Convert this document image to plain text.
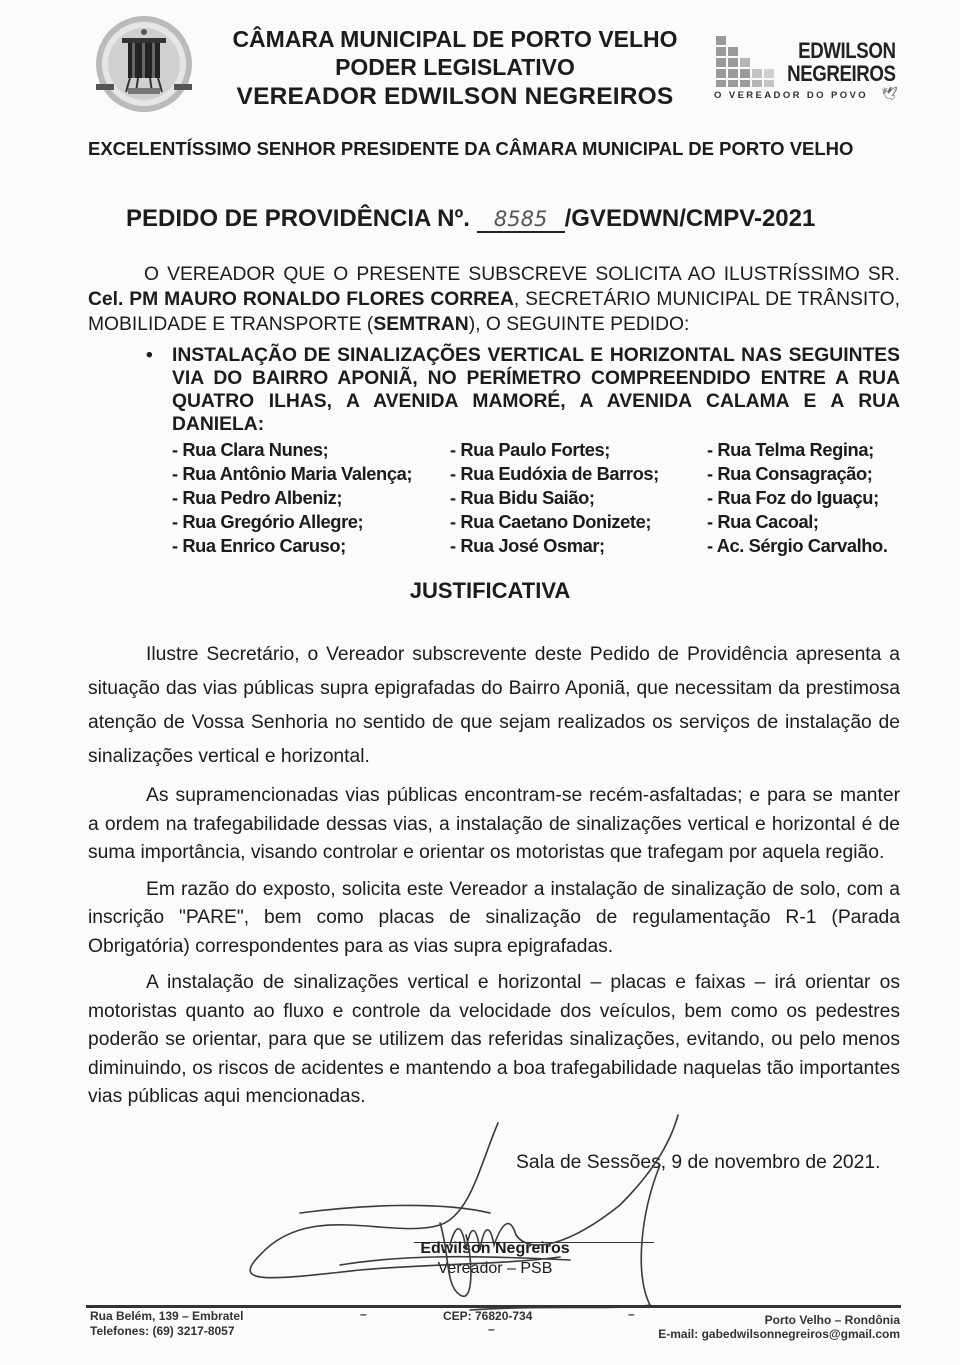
CÂMARA MUNICIPAL DE PORTO VELHO
PODER LEGISLATIVO
VEREADOR EDWILSON NEGREIROS
EDWILSON
NEGREIROS
O VEREADOR DO POVO 🕊
EXCELENTÍSSIMO SENHOR PRESIDENTE DA CÂMARA MUNICIPAL DE PORTO VELHO
PEDIDO DE PROVIDÊNCIA Nº. 8585 /GVEDWN/CMPV-2021

O VEREADOR QUE O PRESENTE SUBSCREVE SOLICITA AO ILUSTRÍSSIMO SR. Cel. PM MAURO RONALDO FLORES CORREA, SECRETÁRIO MUNICIPAL DE TRÂNSITO, MOBILIDADE E TRANSPORTE (SEMTRAN), O SEGUINTE PEDIDO:

• INSTALAÇÃO DE SINALIZAÇÕES VERTICAL E HORIZONTAL NAS SEGUINTES VIA DO BAIRRO APONIÃ, NO PERÍMETRO COMPREENDIDO ENTRE A RUA QUATRO ILHAS, A AVENIDA MAMORÉ, A AVENIDA CALAMA E A RUA DANIELA:
- Rua Clara Nunes;
- Rua Antônio Maria Valença;
- Rua Pedro Albeniz;
- Rua Gregório Allegre;
- Rua Enrico Caruso;
- Rua Paulo Fortes;
- Rua Eudóxia de Barros;
- Rua Bidu Saião;
- Rua Caetano Donizete;
- Rua José Osmar;
- Rua Telma Regina;
- Rua Consagração;
- Rua Foz do Iguaçu;
- Rua Cacoal;
- Ac. Sérgio Carvalho.
JUSTIFICATIVA

Ilustre Secretário, o Vereador subscrevente deste Pedido de Providência apresenta a situação das vias públicas supra epigrafadas do Bairro Aponiã, que necessitam da prestimosa atenção de Vossa Senhoria no sentido de que sejam realizados os serviços de instalação de sinalizações vertical e horizontal.

As supramencionadas vias públicas encontram-se recém-asfaltadas; e para se manter a ordem na trafegabilidade dessas vias, a instalação de sinalizações vertical e horizontal é de suma importância, visando controlar e orientar os motoristas que trafegam por aquela região.

Em razão do exposto, solicita este Vereador a instalação de sinalização de solo, com a inscrição "PARE", bem como placas de sinalização de regulamentação R-1 (Parada Obrigatória) correspondentes para as vias supra epigrafadas.

A instalação de sinalizações vertical e horizontal – placas e faixas – irá orientar os motoristas quanto ao fluxo e controle da velocidade dos veículos, bem como os pedestres poderão se orientar, para que se utilizem das referidas sinalizações, evitando, ou pelo menos diminuindo, os riscos de acidentes e mantendo a boa trafegabilidade naquelas tão importantes vias públicas aqui mencionadas.

Sala de Sessões, 9 de novembro de 2021.
Edwilson Negreiros
Vereador – PSB
Rua Belém, 139 – Embratel
Telefones: (69) 3217-8057
–	CEP: 76820-734
–
–	Porto Velho – Rondônia
E-mail: gabedwilsonnegreiros@gmail.com
